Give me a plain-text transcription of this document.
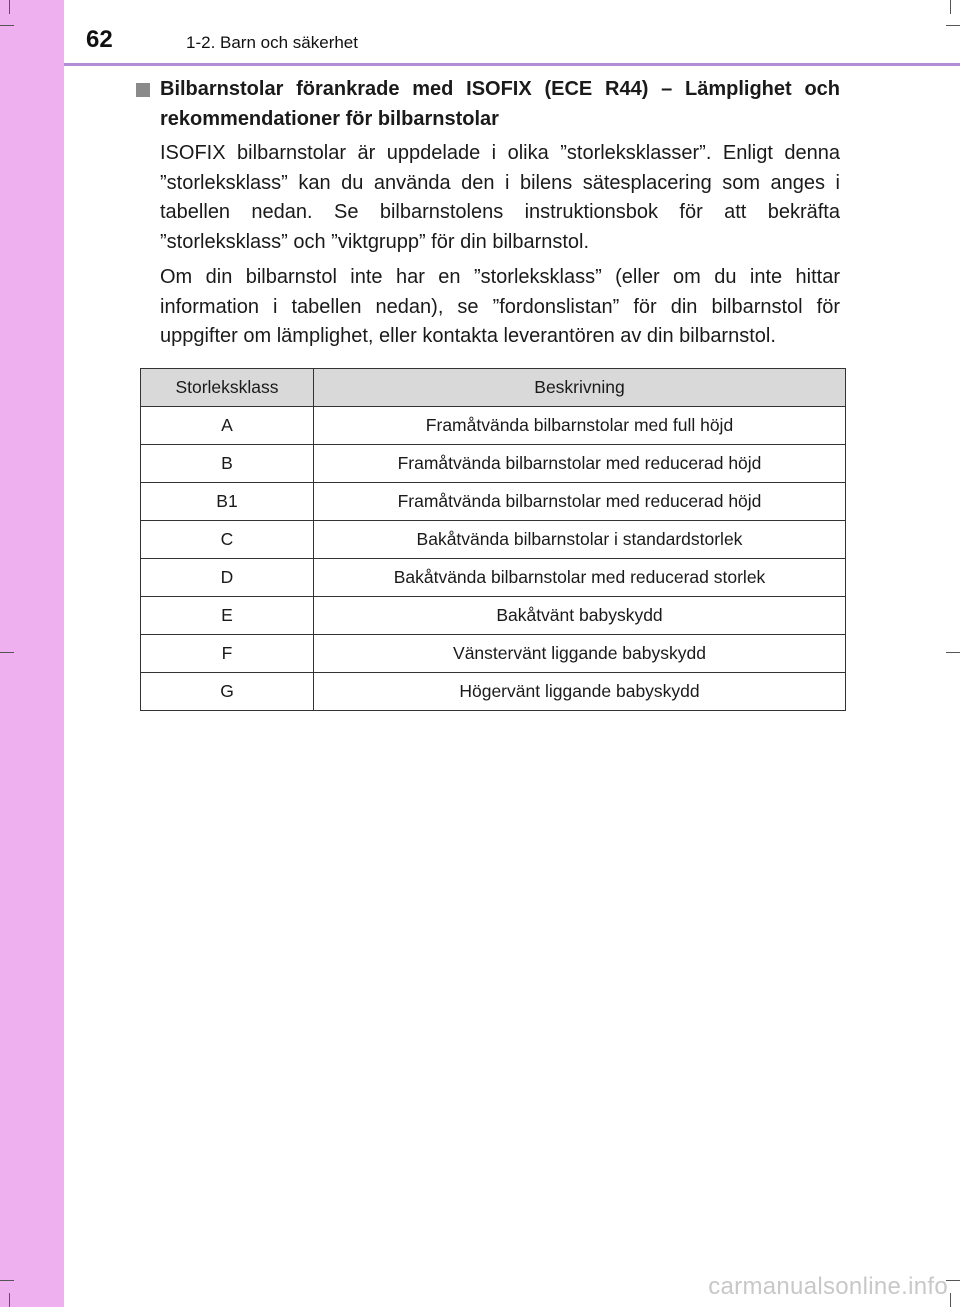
62	1-2. Barn och säkerhet

Bilbarnstolar förankrade med ISOFIX (ECE R44) – Lämplighet och rekommendationer för bilbarnstolar

ISOFIX bilbarnstolar är uppdelade i olika ”storleksklasser”. Enligt denna ”storleksklass” kan du använda den i bilens sätesplacering som anges i tabellen nedan. Se bilbarnstolens instruktionsbok för att bekräfta ”storleksklass” och ”viktgrupp” för din bilbarnstol.

Om din bilbarnstol inte har en ”storleksklass” (eller om du inte hittar information i tabellen nedan), se ”fordonslistan” för din bilbarnstol för uppgifter om lämplighet, eller kontakta leverantören av din bilbarnstol.

Storleksklass	Beskrivning
A	Framåtvända bilbarnstolar med full höjd
B	Framåtvända bilbarnstolar med reducerad höjd
B1	Framåtvända bilbarnstolar med reducerad höjd
C	Bakåtvända bilbarnstolar i standardstorlek
D	Bakåtvända bilbarnstolar med reducerad storlek
E	Bakåtvänt babyskydd
F	Vänstervänt liggande babyskydd
G	Högervänt liggande babyskydd
carmanualsonline.info
